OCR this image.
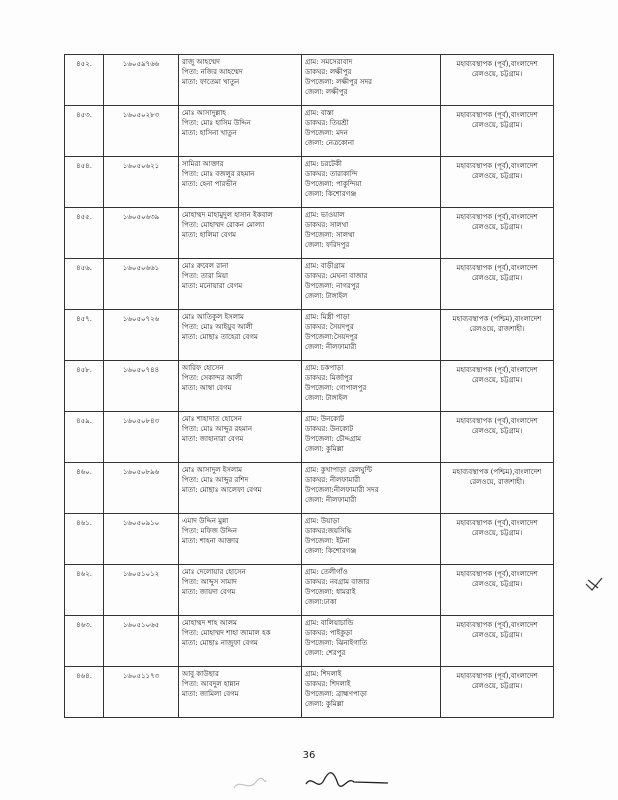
৪৫২.	১৬০৫৯৭৬৬	রাজু আহম্মেদ
পিতা: নজির আহম্মেদ
মাতা: ফাতেমা খাতুন	গ্রাম: সমসেরাবাদ
ডাকঘর: লক্ষীপুর
উপজেলা: লক্ষীপুর সদর
জেলা: লক্ষীপুর	মহাব্যবস্থাপক (পূর্ব),বাংলাদেশ
রেলওয়ে, চট্টগ্রাম।

৪৫৩.	১৬০৫০২৮৩	মোঃ আসাদুল্লাহ
পিতা: মোঃ হাসিম উদ্দিন
মাতা: হাসিনা খাতুন	গ্রাম: বাস্তা
ডাকঘর: তিয়শ্রী
উপজেলা: মদন
জেলা: নেত্রকোনা	মহাব্যবস্থাপক (পূর্ব),বাংলাদেশ
রেলওয়ে, চট্টগ্রাম।

৪৫৪.	১৬০৫০৬২১	সামিরা আক্তার
পিতা: মোঃ বজলুর রহমান
মাতা: হেনা পারভীন	গ্রাম: চরটেকী
ডাকঘর: তারাকান্দি
উপজেলা: পাকুন্দিয়া
জেলা: কিশোরগঞ্জ	মহাব্যবস্থাপক (পূর্ব),বাংলাদেশ
রেলওয়ে, চট্টগ্রাম।

৪৫৫.	১৬০৫০৬৩৯	মোহাম্মদ মাহামুদুল হাসান ইকবাল
পিতা: মোহাম্মদ রোকন মোল্যা
মাতা: হালিমা বেগম	গ্রাম: ভাওয়াল
ডাকঘর: সালথা
উপজেলা: সালথা
জেলা: ফরিদপুর	মহাব্যবস্থাপক (পূর্ব),বাংলাদেশ
রেলওয়ে, চট্টগ্রাম।

৪৫৬.	১৬০৫০৬৬১	মোঃ রুবেল রানা
পিতা: তারা মিয়া
মাতা: মনোয়ারা বেগম	গ্রাম: বাড়ীগ্রাম
ডাকঘর: মেঘনা বাজার
উপজেলা: নাগরপুর
জেলা: টাঙ্গাইল	মহাব্যবস্থাপক (পূর্ব),বাংলাদেশ
রেলওয়ে, চট্টগ্রাম।

৪৫৭.	১৬০৫০৭২৬	মোঃ আতিকুল ইসলাম
পিতা: মোঃ আইয়ুব আলী
মাতা: মোছাঃ তাহেরা বেগম	গ্রাম: মিস্ত্রী পাড়া
ডাকঘর: সৈয়দপুর
উপজেলা:সৈয়দপুর
জেলা: নীলফামারী	মহাব্যবস্থাপক (পশ্চিম),বাংলাদেশ
রেলওয়ে, রাজশাহী।

৪৫৮.	১৬০৫০৭৪৪	আরিফ হোসেন
পিতা: সেকান্দর আলী
মাতা: আম্বা বেগম	গ্রাম: চকপাড়া
ডাকঘর: মির্জাপুর
উপজেলা: গোপালপুর
জেলা: টাঙ্গাইল	মহাব্যবস্থাপক (পূর্ব),বাংলাদেশ
রেলওয়ে, চট্টগ্রাম।

৪৫৯.	১৬০৫০৮৪৩	মোঃ শাহাদাত হোসেন
পিতা: মোঃ আব্দুর রহমান
মাতা: জাহানারা বেগম	গ্রাম: উনকোট
ডাকঘর: উনকোট
উপজেলা: চৌদ্দগ্রাম
জেলা: কুমিল্লা	মহাব্যবস্থাপক (পূর্ব),বাংলাদেশ
রেলওয়ে, চট্টগ্রাম।

৪৬০.	১৬০৫০৮৯৬	মোঃ আসাদুল ইসলাম
পিতা: মোঃ আব্দুর রশিদ
মাতা: মোছাঃ আলেফা বেগম	গ্রাম: কুখাপাড়া রেলঘুন্টি
ডাকঘর: নীলফামারী
উপজেলা:নীলফামারী সদর
জেলা: নীলফামারী	মহাব্যবস্থাপক (পশ্চিম),বাংলাদেশ
রেলওয়ে, রাজশাহী।

৪৬১.	১৬০৫০৯১০	এমাদ উদ্দিন মুন্না
পিতা: মফিজ উদ্দিন
মাতা: শাহনা আক্তার	গ্রাম: উয়াড়া
ডাকঘর:জয়সিদ্ধি
উপজেলা: ইটনা
জেলা: কিশোরগঞ্জ	মহাব্যবস্থাপক (পূর্ব),বাংলাদেশ
রেলওয়ে, চট্টগ্রাম।

৪৬২.	১৬০৫১০১২	মোঃ দেলোয়ার হোসেন
পিতা: আব্দুস সামাদ
মাতা: জায়দা বেগম	গ্রাম: তেলীগাঁও
ডাকঘর: নবগ্রাম বাজার
উপজেলা: ধামরাই
জেলা:ঢাকা	মহাব্যবস্থাপক (পূর্ব),বাংলাদেশ
রেলওয়ে, চট্টগ্রাম।

৪৬৩.	১৬০৫১০৬৫	মোহাম্মদ শাহ আলম
পিতা: মোহাম্মদ শাহা জামাল হক
মাতা: মোছাঃ নাজুফা বেগম	গ্রাম: বালিয়াচান্ডি
ডাকঘর: পাইকুড়া
উপজেলা: ঝিনাইগাতি
জেলা: শেরপুর	মহাব্যবস্থাপক (পূর্ব),বাংলাদেশ
রেলওয়ে, চট্টগ্রাম।

৪৬৪.	১৬০৫১১৭৩	আবু কাউছার
পিতা: আবদুল হান্নান
মাতা: জামিলা বেগম	গ্রাম: শিদলাই
ডাকঘর: শিদলাই
উপজেলা: ব্রাহ্মণপাড়া
জেলা: কুমিল্লা	মহাব্যবস্থাপক (পূর্ব),বাংলাদেশ
রেলওয়ে, চট্টগ্রাম।
36
